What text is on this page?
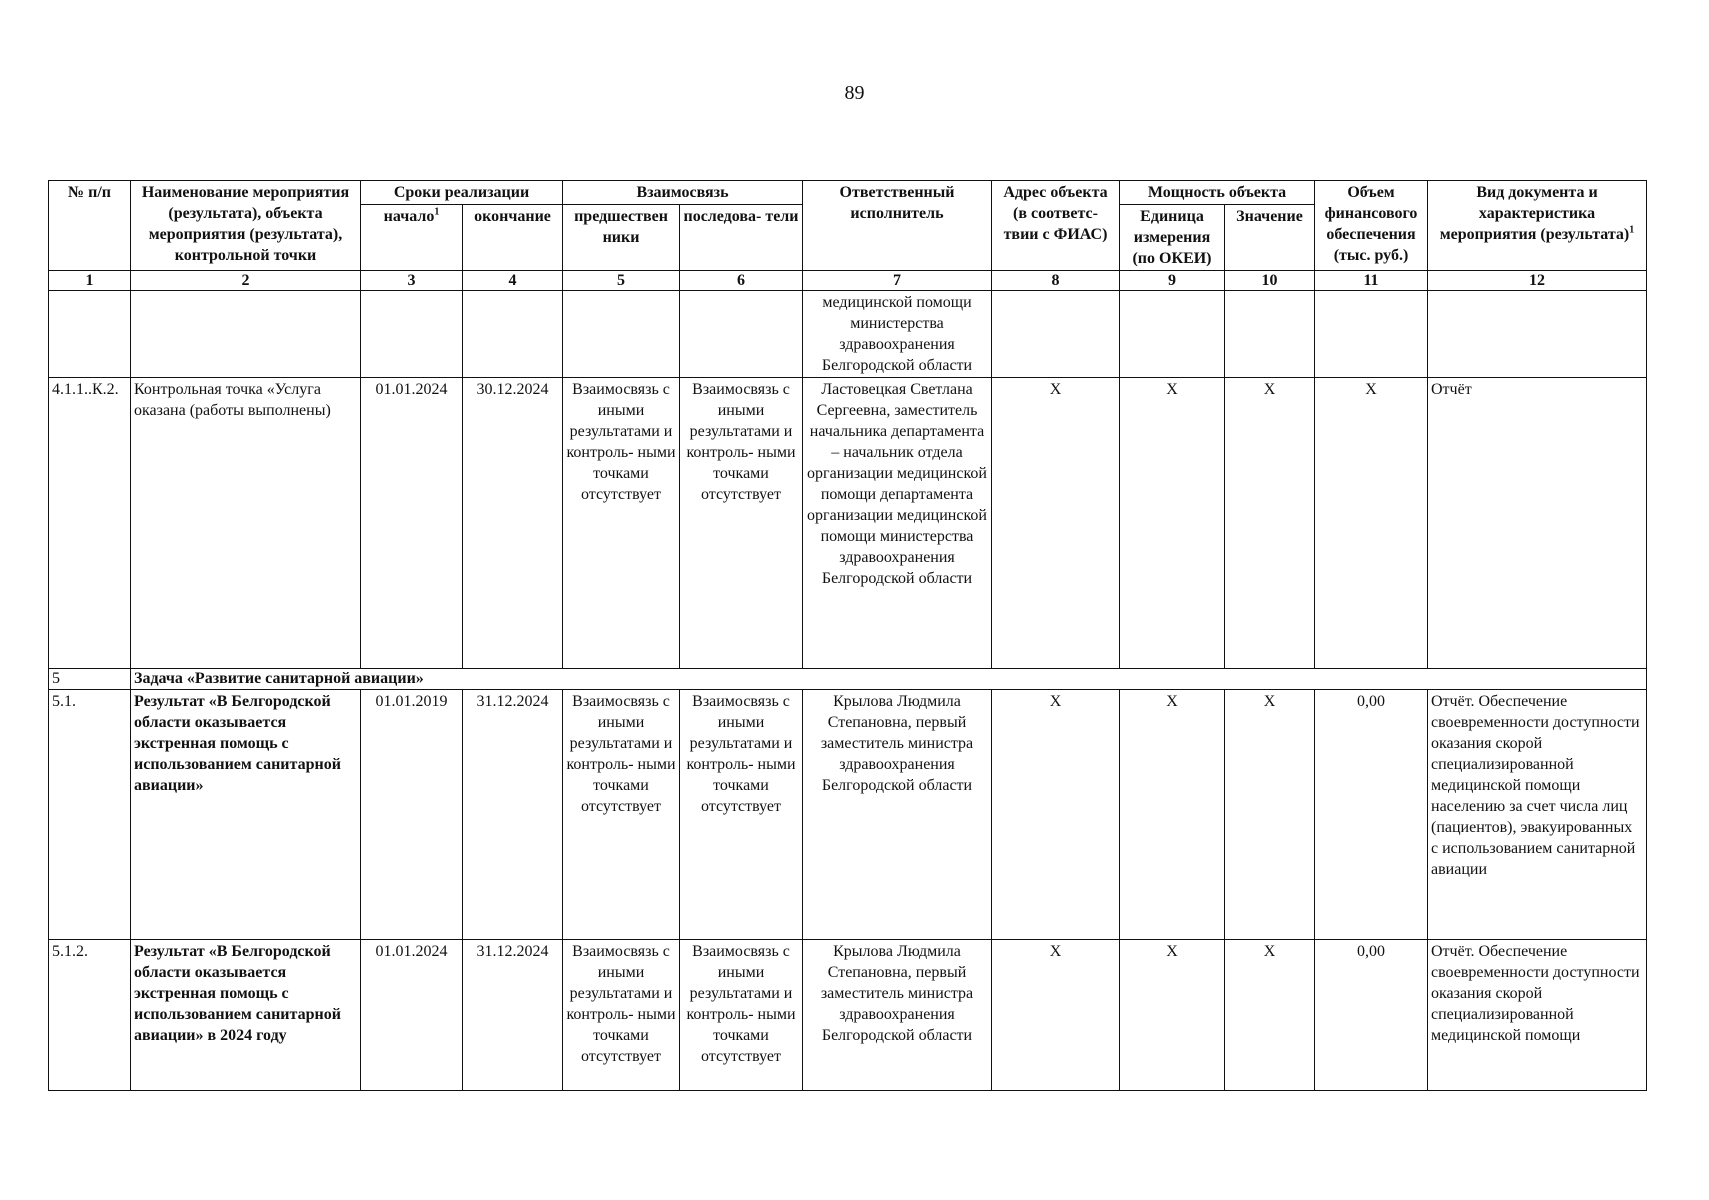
89
№ п/п	Наименование мероприятия (результата), объекта мероприятия (результата), контрольной точки	Сроки реализации		Взаимосвязь		Ответственный исполнитель	Адрес объекта (в соответс- твии с ФИАС)	Мощность объекта		Объем финансового обеспечения (тыс. руб.)	Вид документа и характеристика мероприятия (результата)$^1$
		начало$^1$	окончание	предшествен ники	последова- тели			Единица измерения (по ОКЕИ)	Значение		
1	2	3	4	5	6	7	8	9	10	11	12
						медицинской помощи министерства здравоохранения Белгородской области					
4.1.1..К.2.	Контрольная точка «Услуга оказана (работы выполнены)	01.01.2024	30.12.2024	Взаимосвязь с иными результатами и контроль- ными точками отсутствует	Взаимосвязь с иными результатами и контроль- ными точками отсутствует	Ластовецкая Светлана Сергеевна, заместитель начальника департамента – начальник отдела организации медицинской помощи департамента организации медицинской помощи министерства здравоохранения Белгородской области	Х	Х	Х	Х	Отчёт
5	Задача «Развитие санитарной авиации»										
5.1.	Результат «В Белгородской области оказывается экстренная помощь с использованием санитарной авиации»	01.01.2019	31.12.2024	Взаимосвязь с иными результатами и контроль- ными точками отсутствует	Взаимосвязь с иными результатами и контроль- ными точками отсутствует	Крылова Людмила Степановна, первый заместитель министра здравоохранения Белгородской области	Х	Х	Х	0,00	Отчёт. Обеспечение своевременности доступности оказания скорой специализированной медицинской помощи населению за счет числа лиц (пациентов), эвакуированных с использованием санитарной авиации
5.1.2.	Результат «В Белгородской области оказывается экстренная помощь с использованием санитарной авиации» в 2024 году	01.01.2024	31.12.2024	Взаимосвязь с иными результатами и контроль- ными точками отсутствует	Взаимосвязь с иными результатами и контроль- ными точками отсутствует	Крылова Людмила Степановна, первый заместитель министра здравоохранения Белгородской области	Х	Х	Х	0,00	Отчёт. Обеспечение своевременности доступности оказания скорой специализированной медицинской помощи
